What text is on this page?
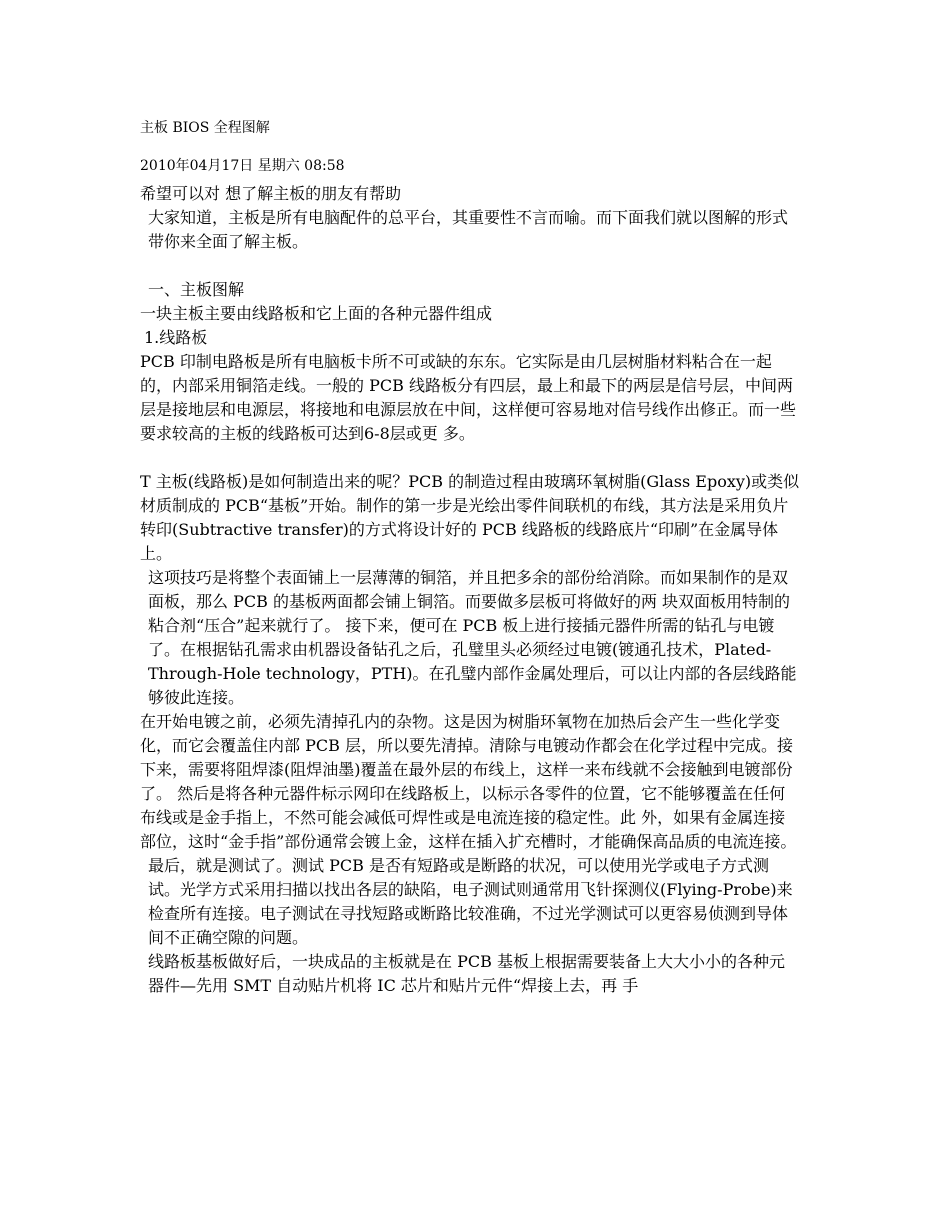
主板 BIOS 全程图解

2010年04月17日 星期六 08:58

希望可以对 想了解主板的朋友有帮助

大家知道，主板是所有电脑配件的总平台，其重要性不言而喻。而下面我们就以图解的形式带你来全面了解主板。

一、主板图解

一块主板主要由线路板和它上面的各种元器件组成

1.线路板

PCB 印制电路板是所有电脑板卡所不可或缺的东东。它实际是由几层树脂材料粘合在一起的，内部采用铜箔走线。一般的 PCB 线路板分有四层，最上和最下的两层是信号层，中间两层是接地层和电源层，将接地和电源层放在中间，这样便可容易地对信号线作出修正。而一些要求较高的主板的线路板可达到6-8层或更 多。

T 主板(线路板)是如何制造出来的呢？PCB 的制造过程由玻璃环氧树脂(Glass Epoxy)或类似材质制成的 PCB“基板”开始。制作的第一步是光绘出零件间联机的布线，其方法是采用负片转印(Subtractive transfer)的方式将设计好的 PCB 线路板的线路底片“印刷”在金属导体上。

这项技巧是将整个表面铺上一层薄薄的铜箔，并且把多余的部份给消除。而如果制作的是双面板，那么 PCB 的基板两面都会铺上铜箔。而要做多层板可将做好的两 块双面板用特制的粘合剂“压合”起来就行了。 接下来，便可在 PCB 板上进行接插元器件所需的钻孔与电镀了。在根据钻孔需求由机器设备钻孔之后，孔璧里头必须经过电镀(镀通孔技术，Plated- Through-Hole technology，PTH)。在孔璧内部作金属处理后，可以让内部的各层线路能够彼此连接。

在开始电镀之前，必须先清掉孔内的杂物。这是因为树脂环氧物在加热后会产生一些化学变化，而它会覆盖住内部 PCB 层，所以要先清掉。清除与电镀动作都会在化学过程中完成。接下来，需要将阻焊漆(阻焊油墨)覆盖在最外层的布线上，这样一来布线就不会接触到电镀部份了。 然后是将各种元器件标示网印在线路板上，以标示各零件的位置，它不能够覆盖在任何布线或是金手指上，不然可能会减低可焊性或是电流连接的稳定性。此 外，如果有金属连接部位，这时“金手指”部份通常会镀上金，这样在插入扩充槽时，才能确保高品质的电流连接。

最后，就是测试了。测试 PCB 是否有短路或是断路的状况，可以使用光学或电子方式测试。光学方式采用扫描以找出各层的缺陷，电子测试则通常用飞针探测仪(Flying-Probe)来检查所有连接。电子测试在寻找短路或断路比较准确，不过光学测试可以更容易侦测到导体间不正确空隙的问题。

线路板基板做好后，一块成品的主板就是在 PCB 基板上根据需要装备上大大小小的各种元器件—先用 SMT 自动贴片机将 IC 芯片和贴片元件“焊接上去，再 手
